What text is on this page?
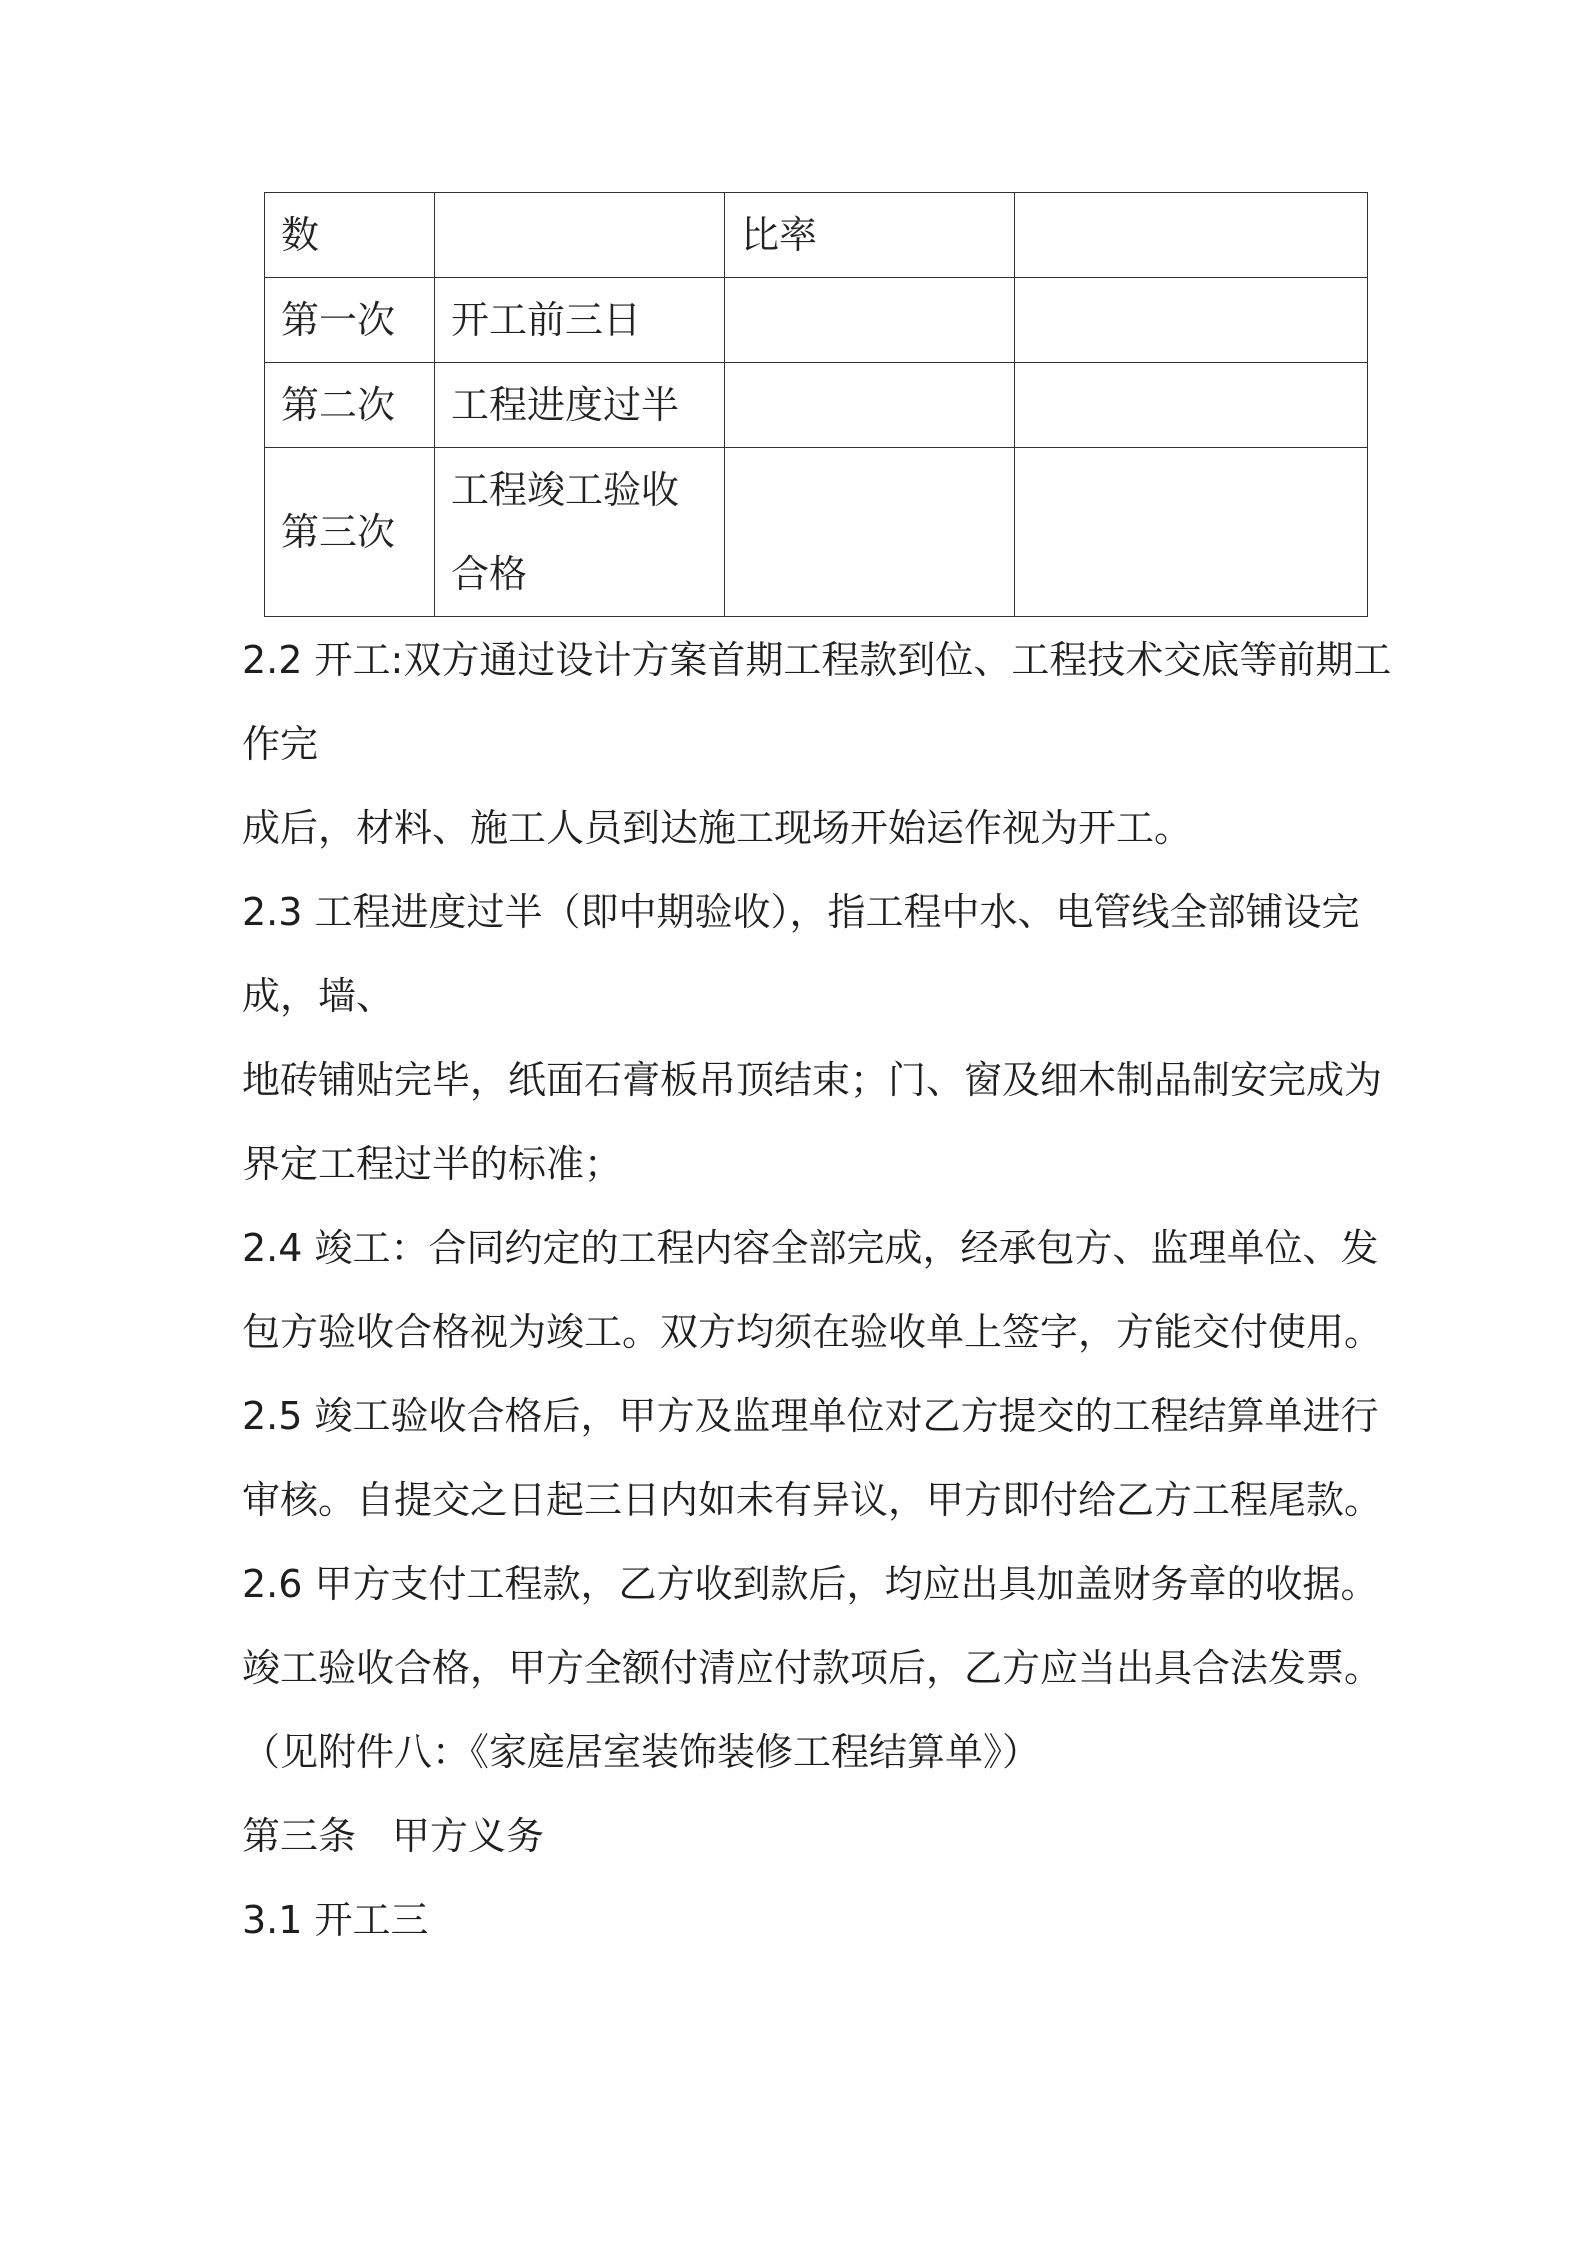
数		比率	
第一次	开工前三日		
第二次	工程进度过半		
第三次	工程竣工验收
合格		

2.2 开工:双方通过设计方案首期工程款到位、工程技术交底等前期工

作完

成后，材料、施工人员到达施工现场开始运作视为开工。

2.3 工程进度过半（即中期验收），指工程中水、电管线全部铺设完

成，墙、

地砖铺贴完毕，纸面石膏板吊顶结束；门、窗及细木制品制安完成为

界定工程过半的标准；

2.4 竣工：合同约定的工程内容全部完成，经承包方、监理单位、发

包方验收合格视为竣工。双方均须在验收单上签字，方能交付使用。

2.5 竣工验收合格后，甲方及监理单位对乙方提交的工程结算单进行

审核。自提交之日起三日内如未有异议，甲方即付给乙方工程尾款。

2.6 甲方支付工程款，乙方收到款后，均应出具加盖财务章的收据。

竣工验收合格，甲方全额付清应付款项后，乙方应当出具合法发票。

（见附件八：《家庭居室装饰装修工程结算单》）

第三条 甲方义务

3.1 开工三
